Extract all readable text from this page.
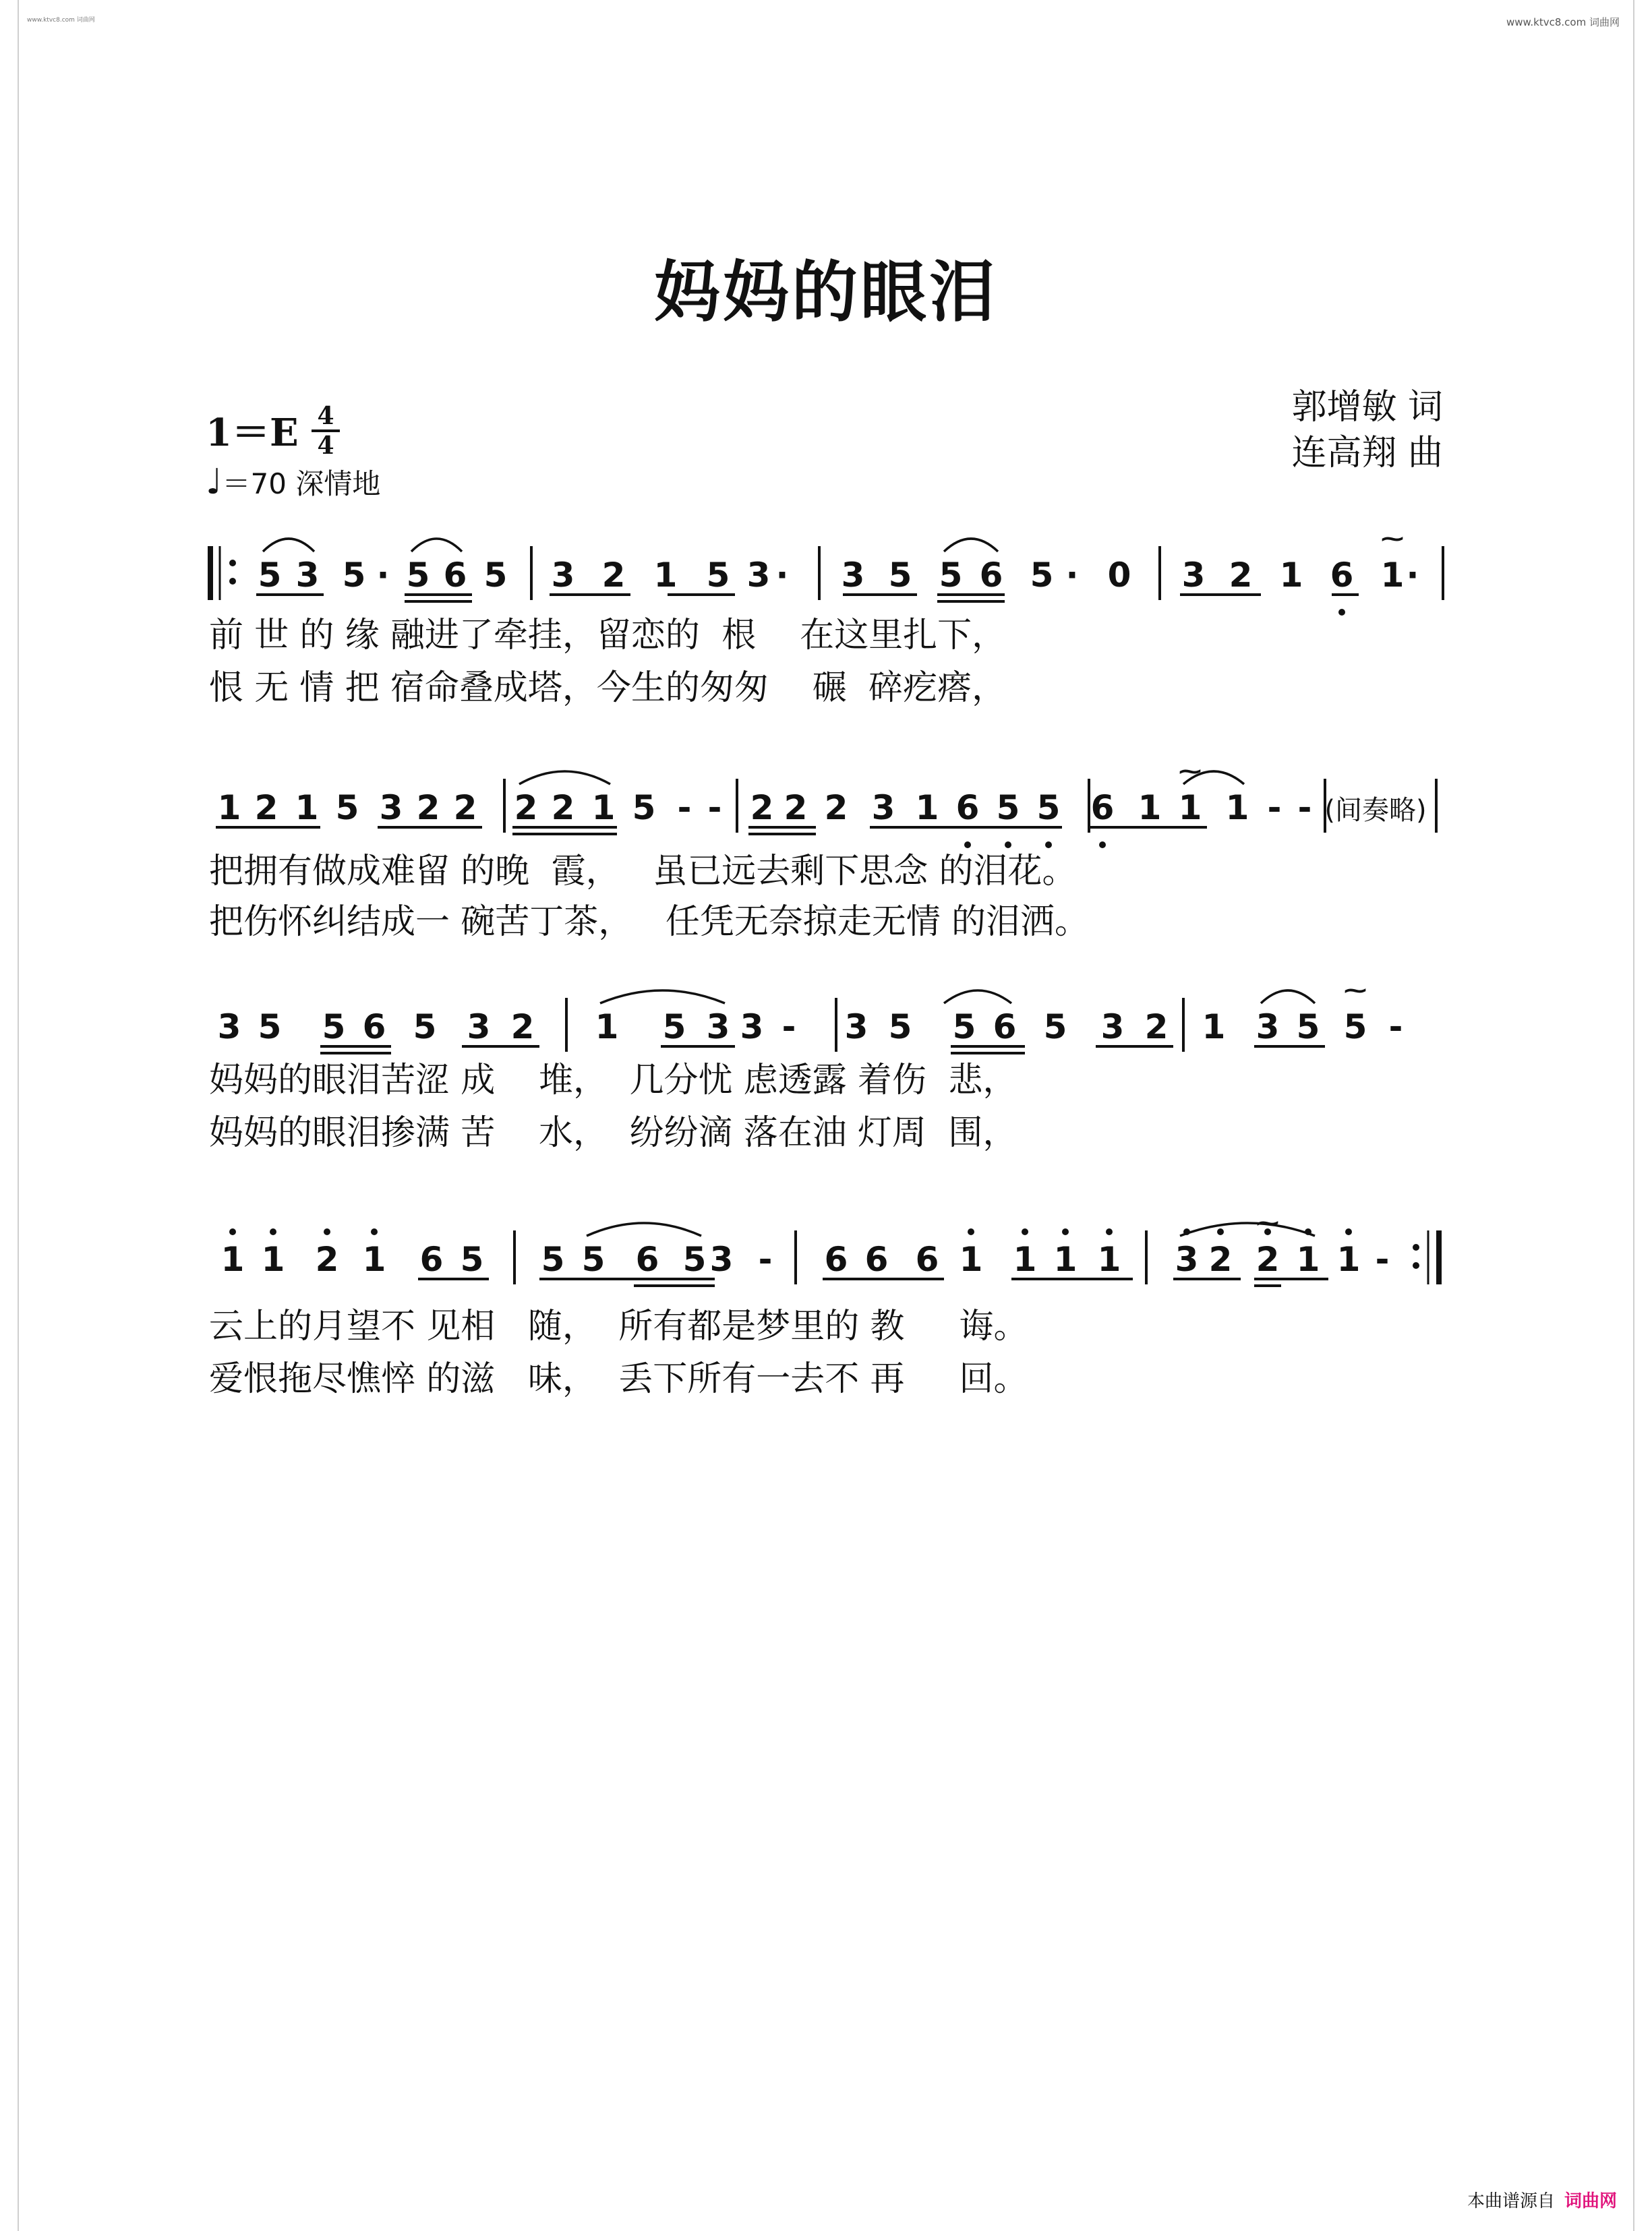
www.ktvc8.com 词曲网	www.ktvc8.com 词曲网
妈妈的眼泪
1＝E 4
4
♩＝70 深情地
郭增敏 词
连高翔 曲
5 3 5 · 5 6 5 3 2 1 5 3 · 3 5 5 6 5 · 0 3 2 1 6 1 ·
⁓
1 2 1 5 3 2 2 2 2 1 5 - - 2 2 2 3 1 6 5 5 6 1 1 1 - -
⁓
(间奏略)
3 5 5 6 5 3 2 1 5 3 3 - 3 5 5 6 5 3 2 1 3 5 5 -
⁓
1 1 2 1 6 5 5 5 6 5 3 - 6 6 6 1 1 1 1 3 2 2 1 1 -
⁓
前 世 的 缘 融进了牵挂，留恋的  根    在这里扎下，
恨 无 情 把 宿命叠成塔，今生的匆匆    碾  碎疙瘩，
把拥有做成难留 的晚  霞，   虽已远去剩下思念 的泪花。
把伤怀纠结成一 碗苦丁茶，   任凭无奈掠走无情 的泪洒。
妈妈的眼泪苦涩 成    堆，  几分忧 虑透露 着伤  悲，
妈妈的眼泪掺满 苦    水，  纷纷滴 落在油 灯周  围，
云上的月望不 见相   随，  所有都是梦里的 教     诲。
爱恨拖尽憔悴 的滋   味，  丢下所有一去不 再     回。
本曲谱源自 词曲网
